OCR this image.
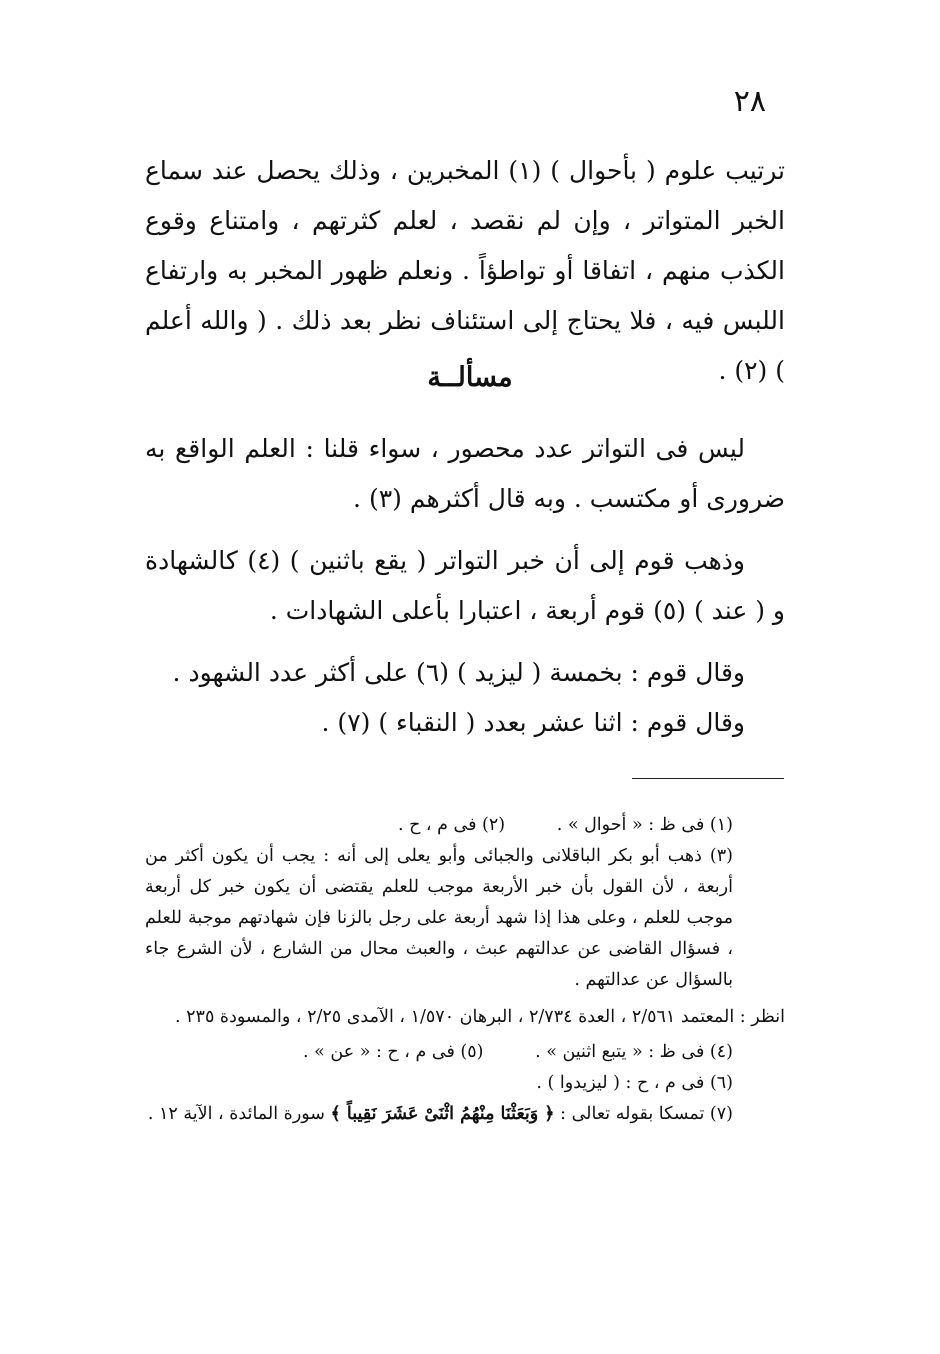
٢٨

ترتيب علوم ( بأحوال ) (١) المخبرين ، وذلك يحصل عند سماع الخبر المتواتر ، وإن لم نقصد ، لعلم كثرتهم ، وامتناع وقوع الكذب منهم ، اتفاقا أو تواطؤاً . ونعلم ظهور المخبر به وارتفاع اللبس فيه ، فلا يحتاج إلى استئناف نظر بعد ذلك . ( والله أعلم ) (٢) .

مسألــة

ليس فى التواتر عدد محصور ، سواء قلنا : العلم الواقع به ضرورى أو مكتسب . وبه قال أكثرهم (٣) .

وذهب قوم إلى أن خبر التواتر ( يقع باثنين ) (٤) كالشهادة و ( عند ) (٥) قوم أربعة ، اعتبارا بأعلى الشهادات .

وقال قوم : بخمسة ( ليزيد ) (٦) على أكثر عدد الشهود .

وقال قوم : اثنا عشر بعدد ( النقباء ) (٧) .

(١) فى ظ : « أحوال » . (٢) فى م ، ح .

(٣) ذهب أبو بكر الباقلانى والجبائى وأبو يعلى إلى أنه : يجب أن يكون أكثر من أربعة ، لأن القول بأن خبر الأربعة موجب للعلم يقتضى أن يكون خبر كل أربعة موجب للعلم ، وعلى هذا إذا شهد أربعة على رجل بالزنا فإن شهادتهم موجبة للعلم ، فسؤال القاضى عن عدالتهم عبث ، والعبث محال من الشارع ، لأن الشرع جاء بالسؤال عن عدالتهم .

انظر : المعتمد ٢/٥٦١ ، العدة ٢/٧٣٤ ، البرهان ١/٥٧٠ ، الآمدى ٢/٢٥ ، والمسودة ٢٣٥ .

(٤) فى ظ : « يتبع اثنين » . (٥) فى م ، ح : « عن » .

(٦) فى م ، ح : ( ليزيدوا ) .

(٧) تمسكا بقوله تعالى : ﴿ وَبَعَثْنَا مِنْهُمُ اثْنَىْ عَشَرَ نَقِيباً ﴾ سورة المائدة ، الآية ١٢ .
